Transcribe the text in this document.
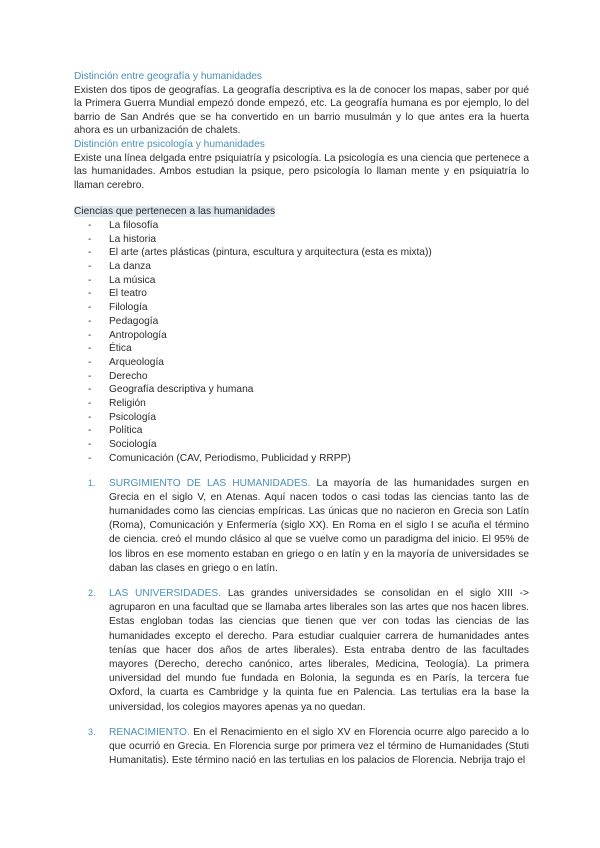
Distinción entre geografía y humanidades

Existen dos tipos de geografías. La geografía descriptiva es la de conocer los mapas, saber por qué la Primera Guerra Mundial empezó donde empezó, etc. La geografía humana es por ejemplo, lo del barrio de San Andrés que se ha convertido en un barrio musulmán y lo que antes era la huerta ahora es un urbanización de chalets.

Distinción entre psicología y humanidades

Existe una línea delgada entre psiquiatría y psicología. La psicología es una ciencia que pertenece a las humanidades. Ambos estudian la psique, pero psicología lo llaman mente y en psiquiatría lo llaman cerebro.

Ciencias que pertenecen a las humanidades
- La filosofía
- La historia
- El arte (artes plásticas (pintura, escultura y arquitectura (esta es mixta))
- La danza
- La música
- El teatro
- Filología
- Pedagogía
- Antropología
- Ética
- Arqueología
- Derecho
- Geografía descriptiva y humana
- Religión
- Psicología
- Política
- Sociología
- Comunicación (CAV, Periodismo, Publicidad y RRPP)
1. SURGIMIENTO DE LAS HUMANIDADES. La mayoría de las humanidades surgen en Grecia en el siglo V, en Atenas. Aquí nacen todos o casi todas las ciencias tanto las de humanidades como las ciencias empíricas. Las únicas que no nacieron en Grecia son Latín (Roma), Comunicación y Enfermería (siglo XX). En Roma en el siglo I se acuña el término de ciencia. creó el mundo clásico al que se vuelve como un paradigma del inicio. El 95% de los libros en ese momento estaban en griego o en latín y en la mayoría de universidades se daban las clases en griego o en latín.

2. LAS UNIVERSIDADES. Las grandes universidades se consolidan en el siglo XIII -> agruparon en una facultad que se llamaba artes liberales son las artes que nos hacen libres. Estas engloban todas las ciencias que tienen que ver con todas las ciencias de las humanidades excepto el derecho. Para estudiar cualquier carrera de humanidades antes tenías que hacer dos años de artes liberales). Esta entraba dentro de las facultades mayores (Derecho, derecho canónico, artes liberales, Medicina, Teología). La primera universidad del mundo fue fundada en Bolonia, la segunda es en París, la tercera fue Oxford, la cuarta es Cambridge y la quinta fue en Palencia. Las tertulias era la base la universidad, los colegios mayores apenas ya no quedan.

3. RENACIMIENTO. En el Renacimiento en el siglo XV en Florencia ocurre algo parecido a lo que ocurrió en Grecia. En Florencia surge por primera vez el término de Humanidades (Stuti Humanitatis). Este término nació en las tertulias en los palacios de Florencia. Nebrija trajo el
